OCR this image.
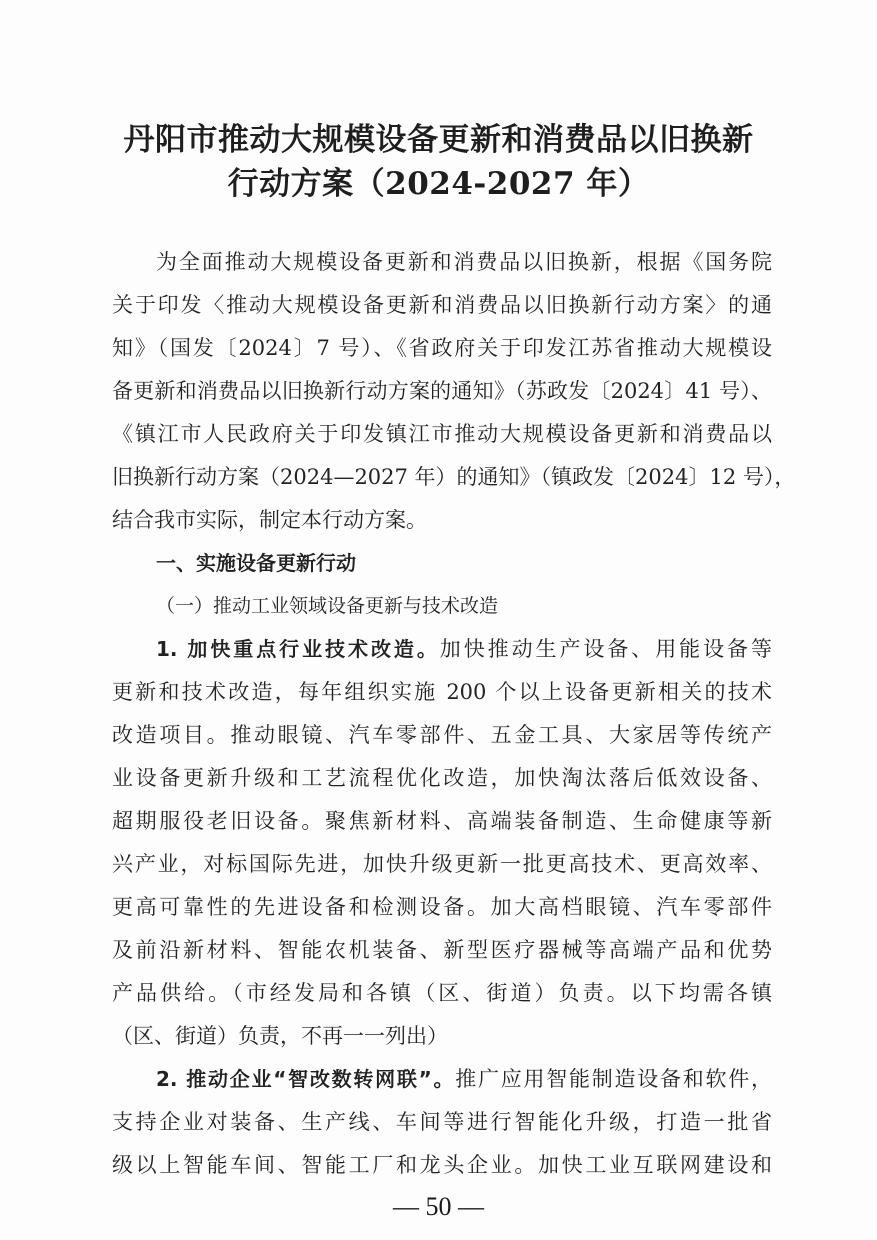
丹阳市推动大规模设备更新和消费品以旧换新
行动方案（2024-2027 年）
为全面推动大规模设备更新和消费品以旧换新，根据《国务院
关于印发〈推动大规模设备更新和消费品以旧换新行动方案〉的通
知》（国发〔2024〕7 号）、《省政府关于印发江苏省推动大规模设
备更新和消费品以旧换新行动方案的通知》（苏政发〔2024〕41 号）、
《镇江市人民政府关于印发镇江市推动大规模设备更新和消费品以
旧换新行动方案（2024—2027 年）的通知》（镇政发〔2024〕12 号），
结合我市实际，制定本行动方案。
一、实施设备更新行动
（一）推动工业领域设备更新与技术改造
1. 加快重点行业技术改造。加快推动生产设备、用能设备等
更新和技术改造，每年组织实施 200 个以上设备更新相关的技术
改造项目。推动眼镜、汽车零部件、五金工具、大家居等传统产
业设备更新升级和工艺流程优化改造，加快淘汰落后低效设备、
超期服役老旧设备。聚焦新材料、高端装备制造、生命健康等新
兴产业，对标国际先进，加快升级更新一批更高技术、更高效率、
更高可靠性的先进设备和检测设备。加大高档眼镜、汽车零部件
及前沿新材料、智能农机装备、新型医疗器械等高端产品和优势
产品供给。（市经发局和各镇（区、街道）负责。以下均需各镇
（区、街道）负责，不再一一列出）
2. 推动企业“智改数转网联”。推广应用智能制造设备和软件，
支持企业对装备、生产线、车间等进行智能化升级，打造一批省
级以上智能车间、智能工厂和龙头企业。加快工业互联网建设和
— 50 —
